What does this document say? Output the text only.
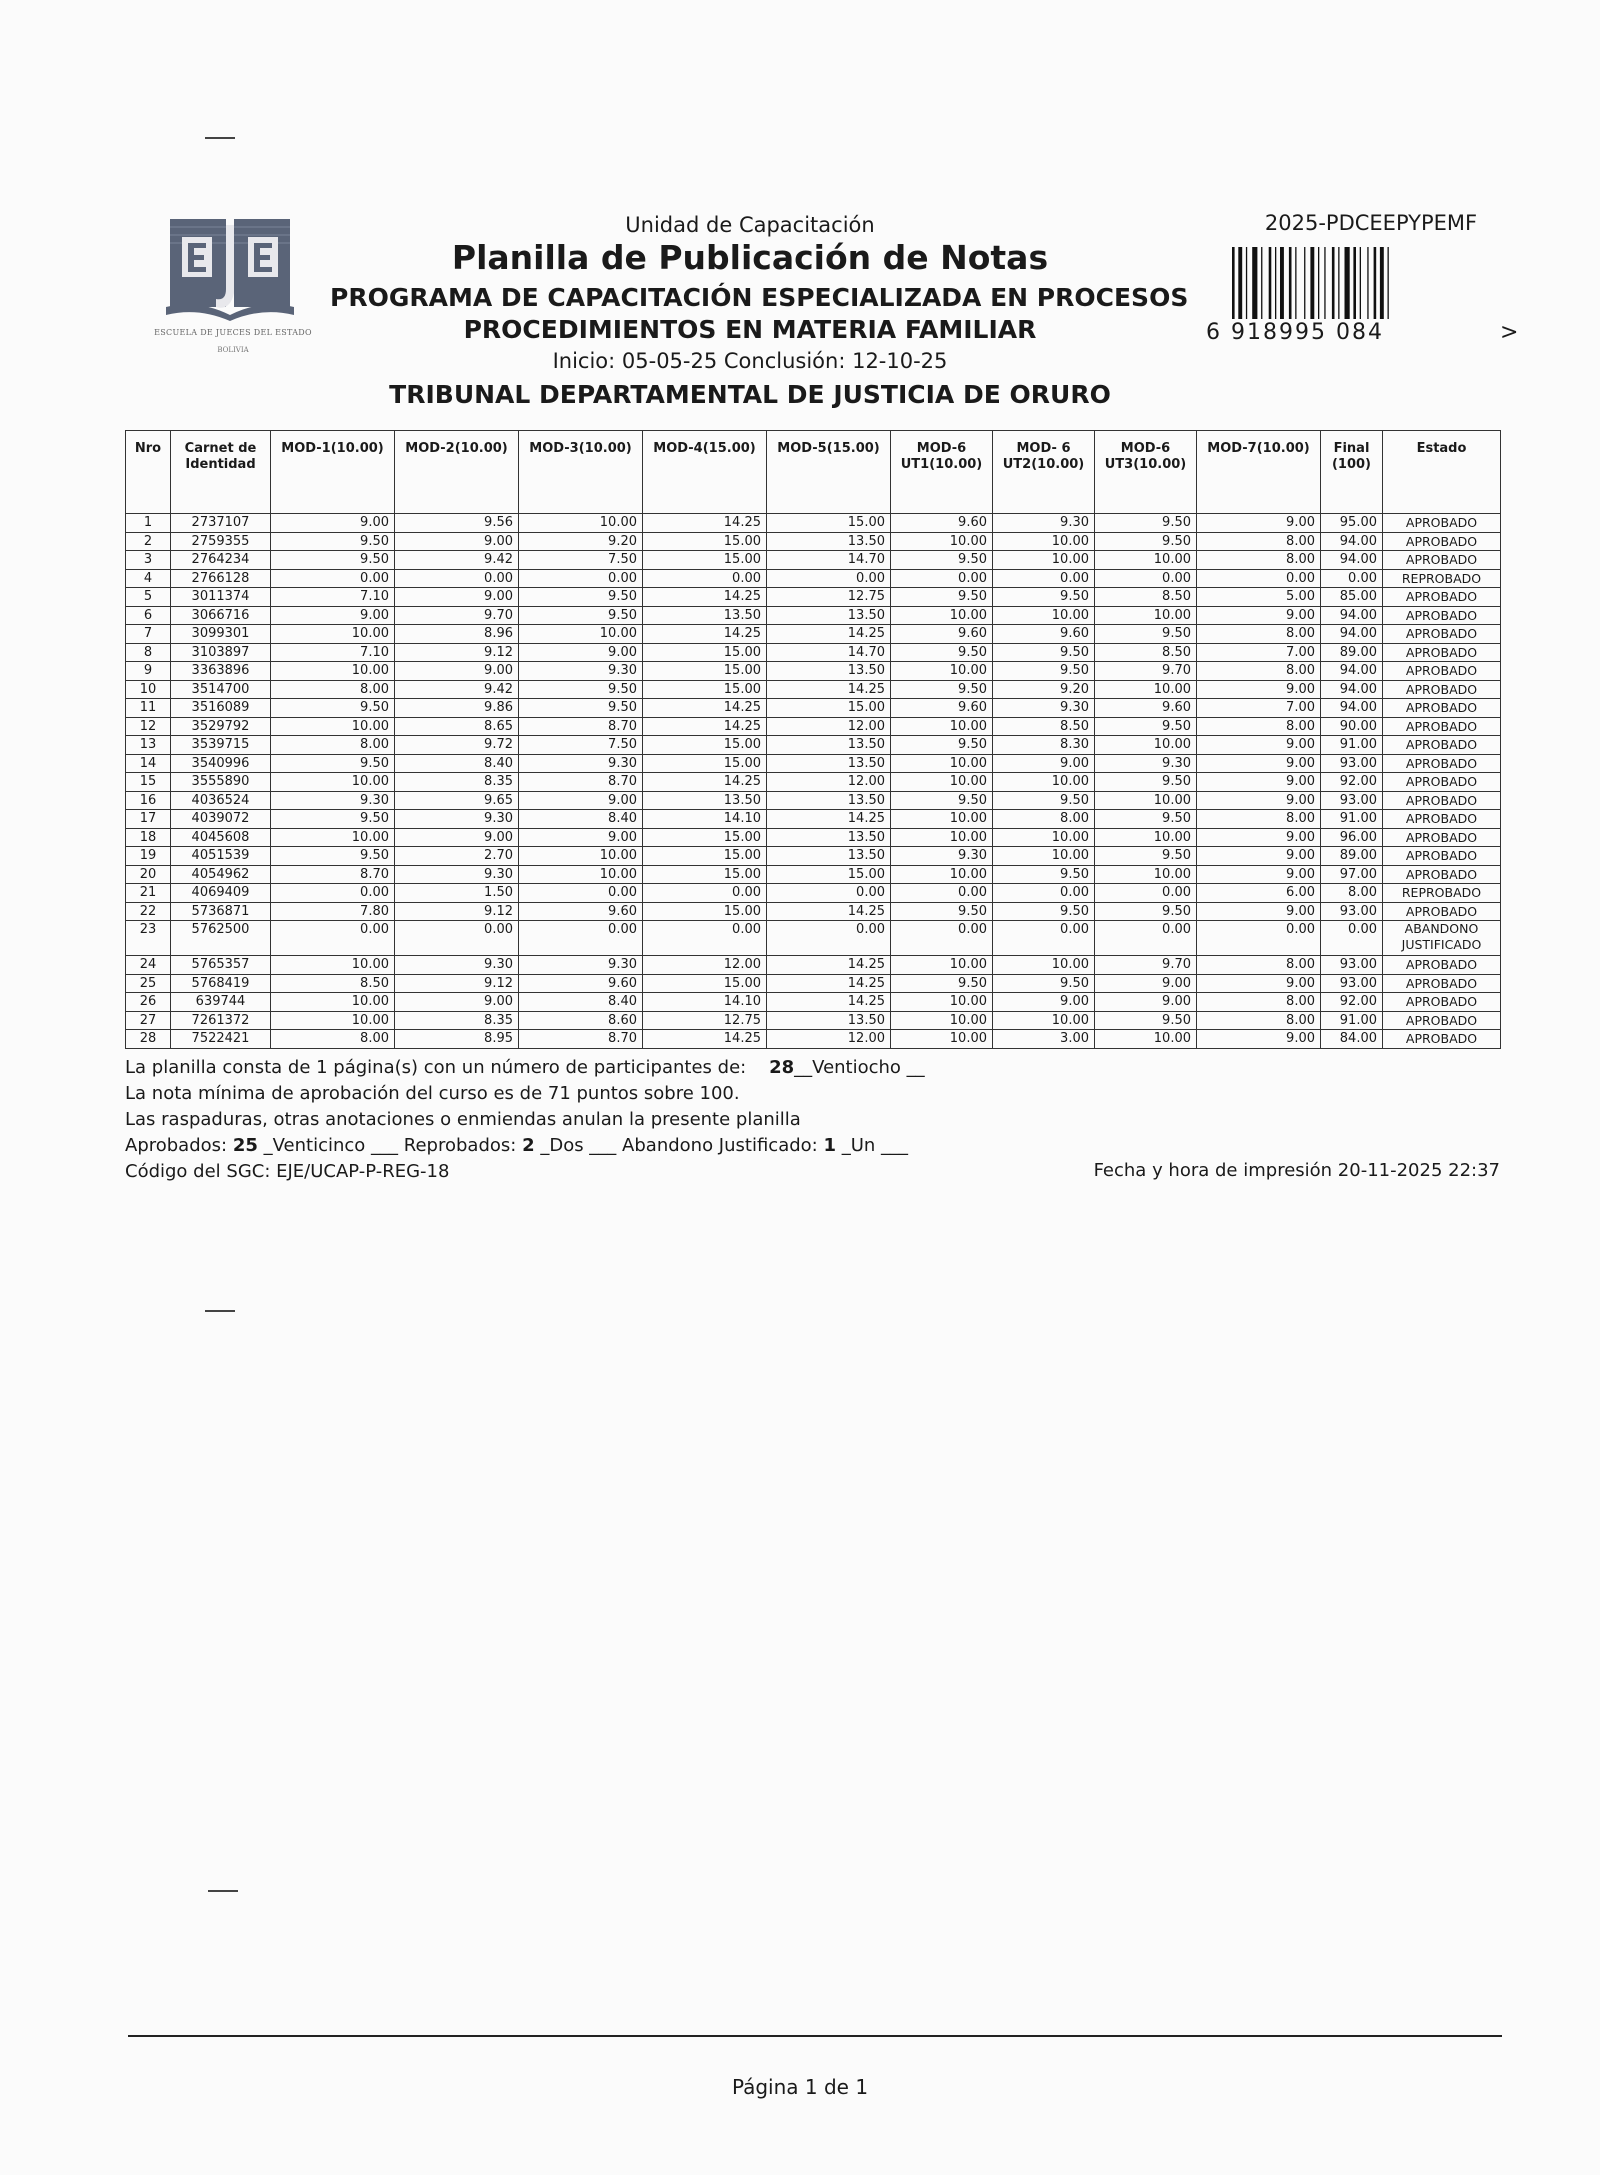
ESCUELA DE JUECES DEL ESTADO
BOLIVIA
Unidad de Capacitación
Planilla de Publicación de Notas
PROGRAMA DE CAPACITACIÓN ESPECIALIZADA EN PROCESOS
PROCEDIMIENTOS EN MATERIA FAMILIAR
Inicio: 05-05-25 Conclusión: 12-10-25
TRIBUNAL DEPARTAMENTAL DE JUSTICIA DE ORURO
2025-PDCEEPYPEMF
6 918995 084	>
Nro	Carnet de Identidad	MOD-1(10.00)	MOD-2(10.00)	MOD-3(10.00)	MOD-4(15.00)	MOD-5(15.00)	MOD-6 UT1(10.00)	MOD- 6 UT2(10.00)	MOD-6 UT3(10.00)	MOD-7(10.00)	Final (100)	Estado
1	2737107	9.00	9.56	10.00	14.25	15.00	9.60	9.30	9.50	9.00	95.00	APROBADO
2	2759355	9.50	9.00	9.20	15.00	13.50	10.00	10.00	9.50	8.00	94.00	APROBADO
3	2764234	9.50	9.42	7.50	15.00	14.70	9.50	10.00	10.00	8.00	94.00	APROBADO
4	2766128	0.00	0.00	0.00	0.00	0.00	0.00	0.00	0.00	0.00	0.00	REPROBADO
5	3011374	7.10	9.00	9.50	14.25	12.75	9.50	9.50	8.50	5.00	85.00	APROBADO
6	3066716	9.00	9.70	9.50	13.50	13.50	10.00	10.00	10.00	9.00	94.00	APROBADO
7	3099301	10.00	8.96	10.00	14.25	14.25	9.60	9.60	9.50	8.00	94.00	APROBADO
8	3103897	7.10	9.12	9.00	15.00	14.70	9.50	9.50	8.50	7.00	89.00	APROBADO
9	3363896	10.00	9.00	9.30	15.00	13.50	10.00	9.50	9.70	8.00	94.00	APROBADO
10	3514700	8.00	9.42	9.50	15.00	14.25	9.50	9.20	10.00	9.00	94.00	APROBADO
11	3516089	9.50	9.86	9.50	14.25	15.00	9.60	9.30	9.60	7.00	94.00	APROBADO
12	3529792	10.00	8.65	8.70	14.25	12.00	10.00	8.50	9.50	8.00	90.00	APROBADO
13	3539715	8.00	9.72	7.50	15.00	13.50	9.50	8.30	10.00	9.00	91.00	APROBADO
14	3540996	9.50	8.40	9.30	15.00	13.50	10.00	9.00	9.30	9.00	93.00	APROBADO
15	3555890	10.00	8.35	8.70	14.25	12.00	10.00	10.00	9.50	9.00	92.00	APROBADO
16	4036524	9.30	9.65	9.00	13.50	13.50	9.50	9.50	10.00	9.00	93.00	APROBADO
17	4039072	9.50	9.30	8.40	14.10	14.25	10.00	8.00	9.50	8.00	91.00	APROBADO
18	4045608	10.00	9.00	9.00	15.00	13.50	10.00	10.00	10.00	9.00	96.00	APROBADO
19	4051539	9.50	2.70	10.00	15.00	13.50	9.30	10.00	9.50	9.00	89.00	APROBADO
20	4054962	8.70	9.30	10.00	15.00	15.00	10.00	9.50	10.00	9.00	97.00	APROBADO
21	4069409	0.00	1.50	0.00	0.00	0.00	0.00	0.00	0.00	6.00	8.00	REPROBADO
22	5736871	7.80	9.12	9.60	15.00	14.25	9.50	9.50	9.50	9.00	93.00	APROBADO
23	5762500	0.00	0.00	0.00	0.00	0.00	0.00	0.00	0.00	0.00	0.00	ABANDONO JUSTIFICADO
24	5765357	10.00	9.30	9.30	12.00	14.25	10.00	10.00	9.70	8.00	93.00	APROBADO
25	5768419	8.50	9.12	9.60	15.00	14.25	9.50	9.50	9.00	9.00	93.00	APROBADO
26	639744	10.00	9.00	8.40	14.10	14.25	10.00	9.00	9.00	8.00	92.00	APROBADO
27	7261372	10.00	8.35	8.60	12.75	13.50	10.00	10.00	9.50	8.00	91.00	APROBADO
28	7522421	8.00	8.95	8.70	14.25	12.00	10.00	3.00	10.00	9.00	84.00	APROBADO
La planilla consta de 1 página(s) con un número de participantes de: 28__Ventiocho __
La nota mínima de aprobación del curso es de 71 puntos sobre 100.
Las raspaduras, otras anotaciones o enmiendas anulan la presente planilla
Aprobados: 25 _Venticinco ___ Reprobados: 2 _Dos ___ Abandono Justificado: 1 _Un ___
Código del SGC: EJE/UCAP-P-REG-18	Fecha y hora de impresión 20-11-2025 22:37
Página 1 de 1
